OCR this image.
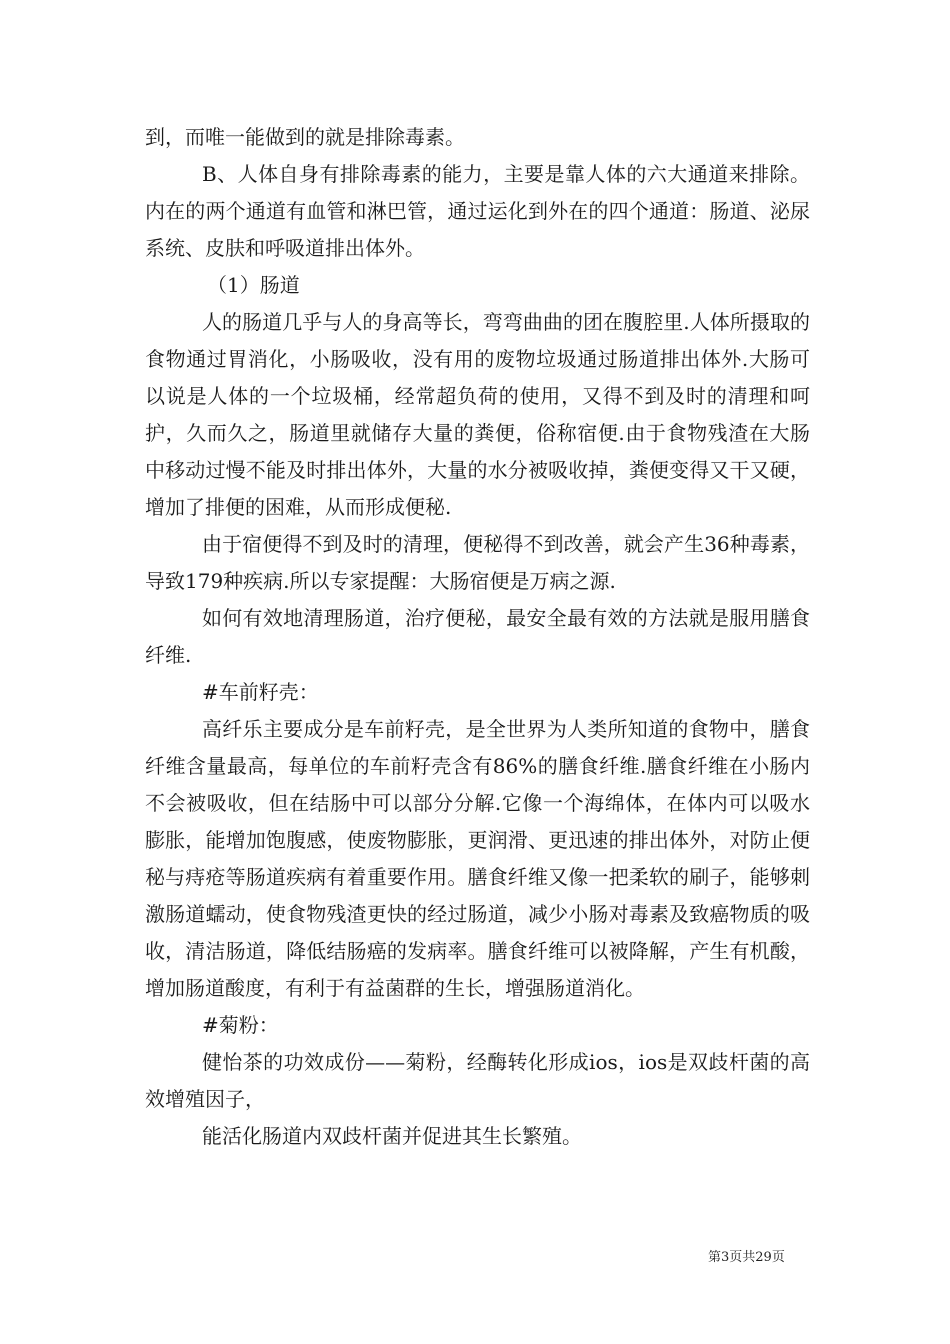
到，而唯一能做到的就是排除毒素。

B、人体自身有排除毒素的能力，主要是靠人体的六大通道来排除。内在的两个通道有血管和淋巴管，通过运化到外在的四个通道：肠道、泌尿系统、皮肤和呼吸道排出体外。

（1）肠道

人的肠道几乎与人的身高等长，弯弯曲曲的团在腹腔里.人体所摄取的食物通过胃消化，小肠吸收，没有用的废物垃圾通过肠道排出体外.大肠可以说是人体的一个垃圾桶，经常超负荷的使用，又得不到及时的清理和呵护，久而久之，肠道里就储存大量的粪便，俗称宿便.由于食物残渣在大肠中移动过慢不能及时排出体外，大量的水分被吸收掉，粪便变得又干又硬，增加了排便的困难，从而形成便秘.

由于宿便得不到及时的清理，便秘得不到改善，就会产生36种毒素，导致179种疾病.所以专家提醒：大肠宿便是万病之源.

如何有效地清理肠道，治疗便秘，最安全最有效的方法就是服用膳食纤维.

#车前籽壳：

高纤乐主要成分是车前籽壳，是全世界为人类所知道的食物中，膳食纤维含量最高，每单位的车前籽壳含有86%的膳食纤维.膳食纤维在小肠内不会被吸收，但在结肠中可以部分分解.它像一个海绵体，在体内可以吸水膨胀，能增加饱腹感，使废物膨胀，更润滑、更迅速的排出体外，对防止便秘与痔疮等肠道疾病有着重要作用。膳食纤维又像一把柔软的刷子，能够刺激肠道蠕动，使食物残渣更快的经过肠道，减少小肠对毒素及致癌物质的吸收，清洁肠道，降低结肠癌的发病率。膳食纤维可以被降解，产生有机酸，增加肠道酸度，有利于有益菌群的生长，增强肠道消化。

#菊粉：

健怡茶的功效成份——菊粉，经酶转化形成ios，ios是双歧杆菌的高效增殖因子，

能活化肠道内双歧杆菌并促进其生长繁殖。

第3页共29页
